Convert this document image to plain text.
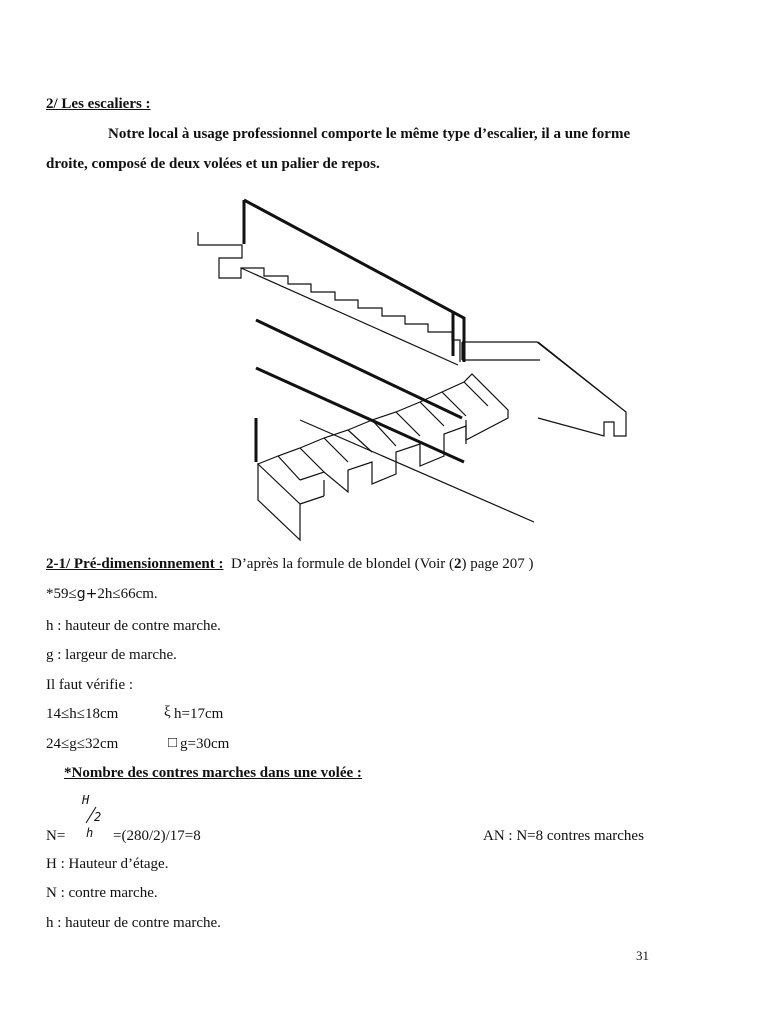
2/ Les escaliers :
Notre local à usage professionnel comporte le même type d’escalier, il a une forme
droite, composé de deux volées et un palier de repos.
2-1/ Pré-dimensionnement : D’après la formule de blondel (Voir (2) page 207 )
*59≤g+2h≤66cm.
h : hauteur de contre marche.
g : largeur de marche.
Il faut vérifie :
14≤h≤18cm	ξ h=17cm
24≤g≤32cm	□ g=30cm
*Nombre des contres marches dans une volée :
H
2
h
N=	=(280/2)/17=8	AN : N=8 contres marches
H : Hauteur d’étage.
N : contre marche.
h : hauteur de contre marche.
31
